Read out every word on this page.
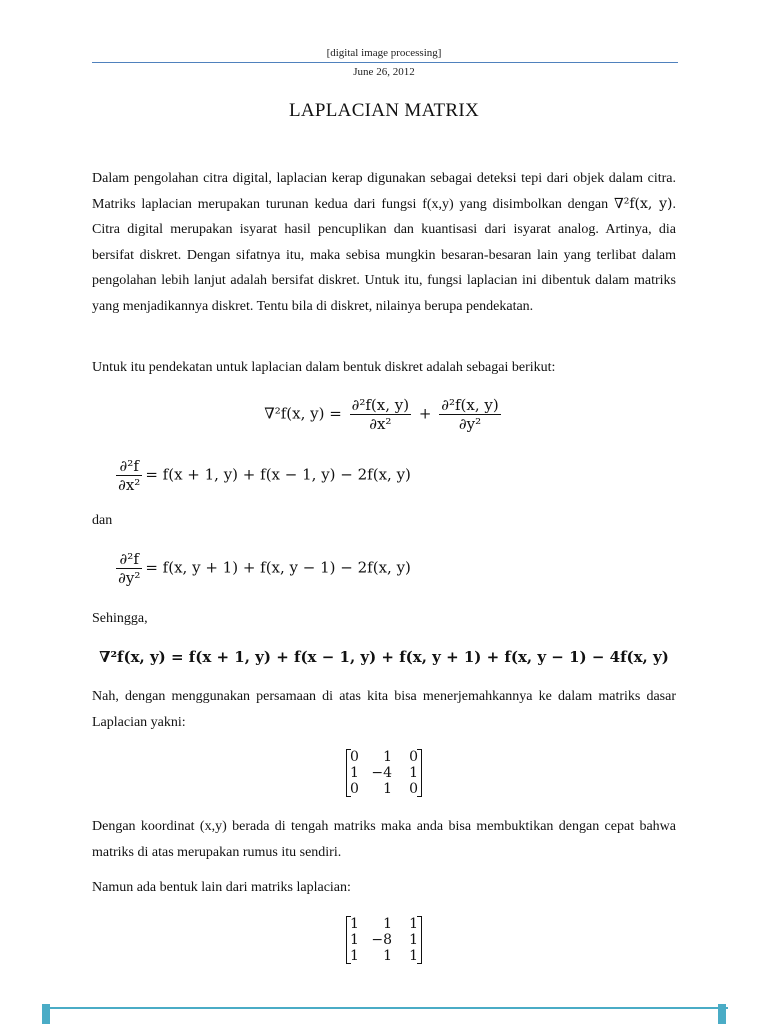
[digital image processing]
June 26, 2012
LAPLACIAN MATRIX

Dalam pengolahan citra digital, laplacian kerap digunakan sebagai deteksi tepi dari objek dalam citra. Matriks laplacian merupakan turunan kedua dari fungsi f(x,y) yang disimbolkan dengan ∇²f(x, y). Citra digital merupakan isyarat hasil pencuplikan dan kuantisasi dari isyarat analog. Artinya, dia bersifat diskret. Dengan sifatnya itu, maka sebisa mungkin besaran-besaran lain yang terlibat dalam pengolahan lebih lanjut adalah bersifat diskret. Untuk itu, fungsi laplacian ini dibentuk dalam matriks yang menjadikannya diskret. Tentu bila di diskret, nilainya berupa pendekatan.

Untuk itu pendekatan untuk laplacian dalam bentuk diskret adalah sebagai berikut:

∇²f(x, $y) = \frac{\text{∂²f(x, y)}}{\text{∂x²}} + \frac{\text{∂²f(x, y)}}{\text{∂y²}}$
$\frac{\text{∂²f}}{\text{∂x²}} = f(x + 1$, y) + f(x − 1, y) − 2f(x, y)

dan

$\frac{\text{∂²f}}{\text{∂y²}} = f(x$, y + 1) + f(x, y − 1) − 2f(x, y)

Sehingga,

∇²f(x, y) = f(x + 1, y) + f(x − 1, y) + f(x, y + 1) + f(x, y − 1) − 4f(x, y)

Nah, dengan menggunakan persamaan di atas kita bisa menerjemahkannya ke dalam matriks dasar Laplacian yakni:

0	1	0
1 −4	1
0	1	0

Dengan koordinat (x,y) berada di tengah matriks maka anda bisa membuktikan dengan cepat bahwa matriks di atas merupakan rumus itu sendiri.

Namun ada bentuk lain dari matriks laplacian:

1	1	1
1 −8	1
1	1	1
